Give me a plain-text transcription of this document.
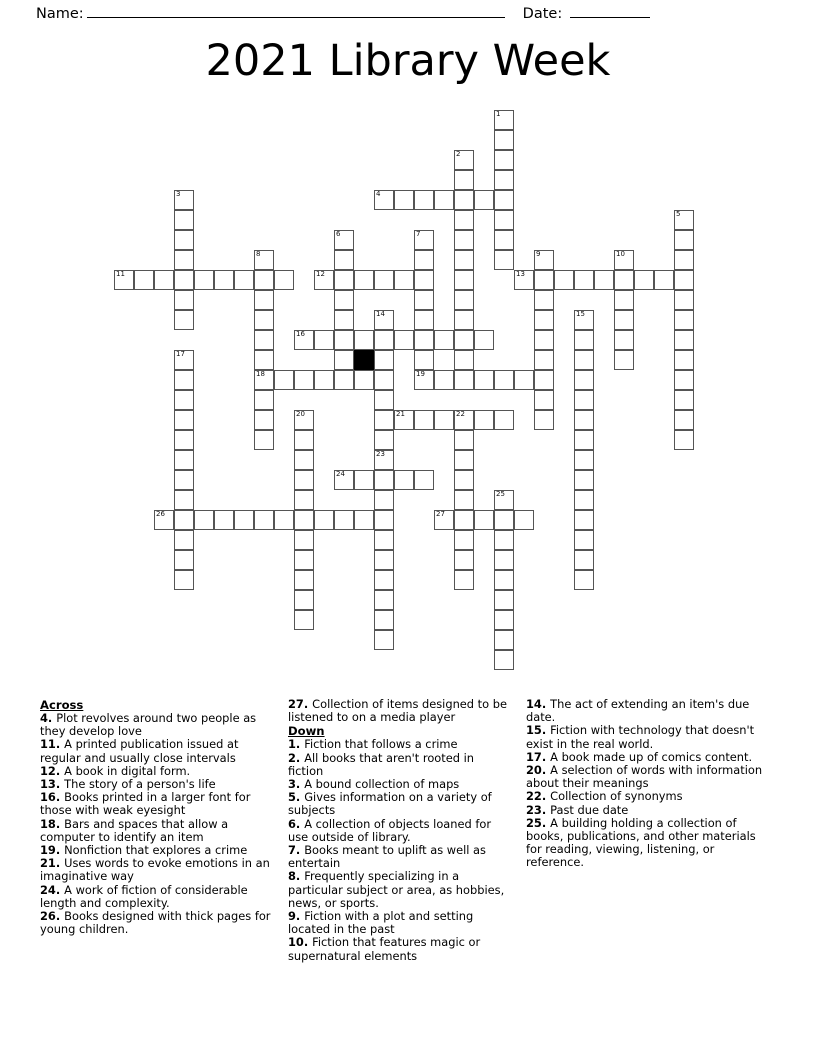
Name:	Date:
2021 Library Week
1
2
3	4
5
6	7
19
8
18
9	10
11	12	13
14
23
15
16
17
20	21	22
24
25
26	27
Across
4. Plot revolves around two people as they develop love
11. A printed publication issued at regular and usually close intervals
12. A book in digital form.
13. The story of a person's life
16. Books printed in a larger font for those with weak eyesight
18. Bars and spaces that allow a computer to identify an item
19. Nonfiction that explores a crime
21. Uses words to evoke emotions in an imaginative way
24. A work of fiction of considerable length and complexity.
26. Books designed with thick pages for young children.
27. Collection of items designed to be listened to on a media player
Down
1. Fiction that follows a crime
2. All books that aren't rooted in fiction
3. A bound collection of maps
5. Gives information on a variety of subjects
6. A collection of objects loaned for use outside of library.
7. Books meant to uplift as well as entertain
8. Frequently specializing in a particular subject or area, as hobbies, news, or sports.
9. Fiction with a plot and setting located in the past
10. Fiction that features magic or supernatural elements
14. The act of extending an item's due date.
15. Fiction with technology that doesn't exist in the real world.
17. A book made up of comics content.
20. A selection of words with information about their meanings
22. Collection of synonyms
23. Past due date
25. A building holding a collection of books, publications, and other materials for reading, viewing, listening, or reference.
